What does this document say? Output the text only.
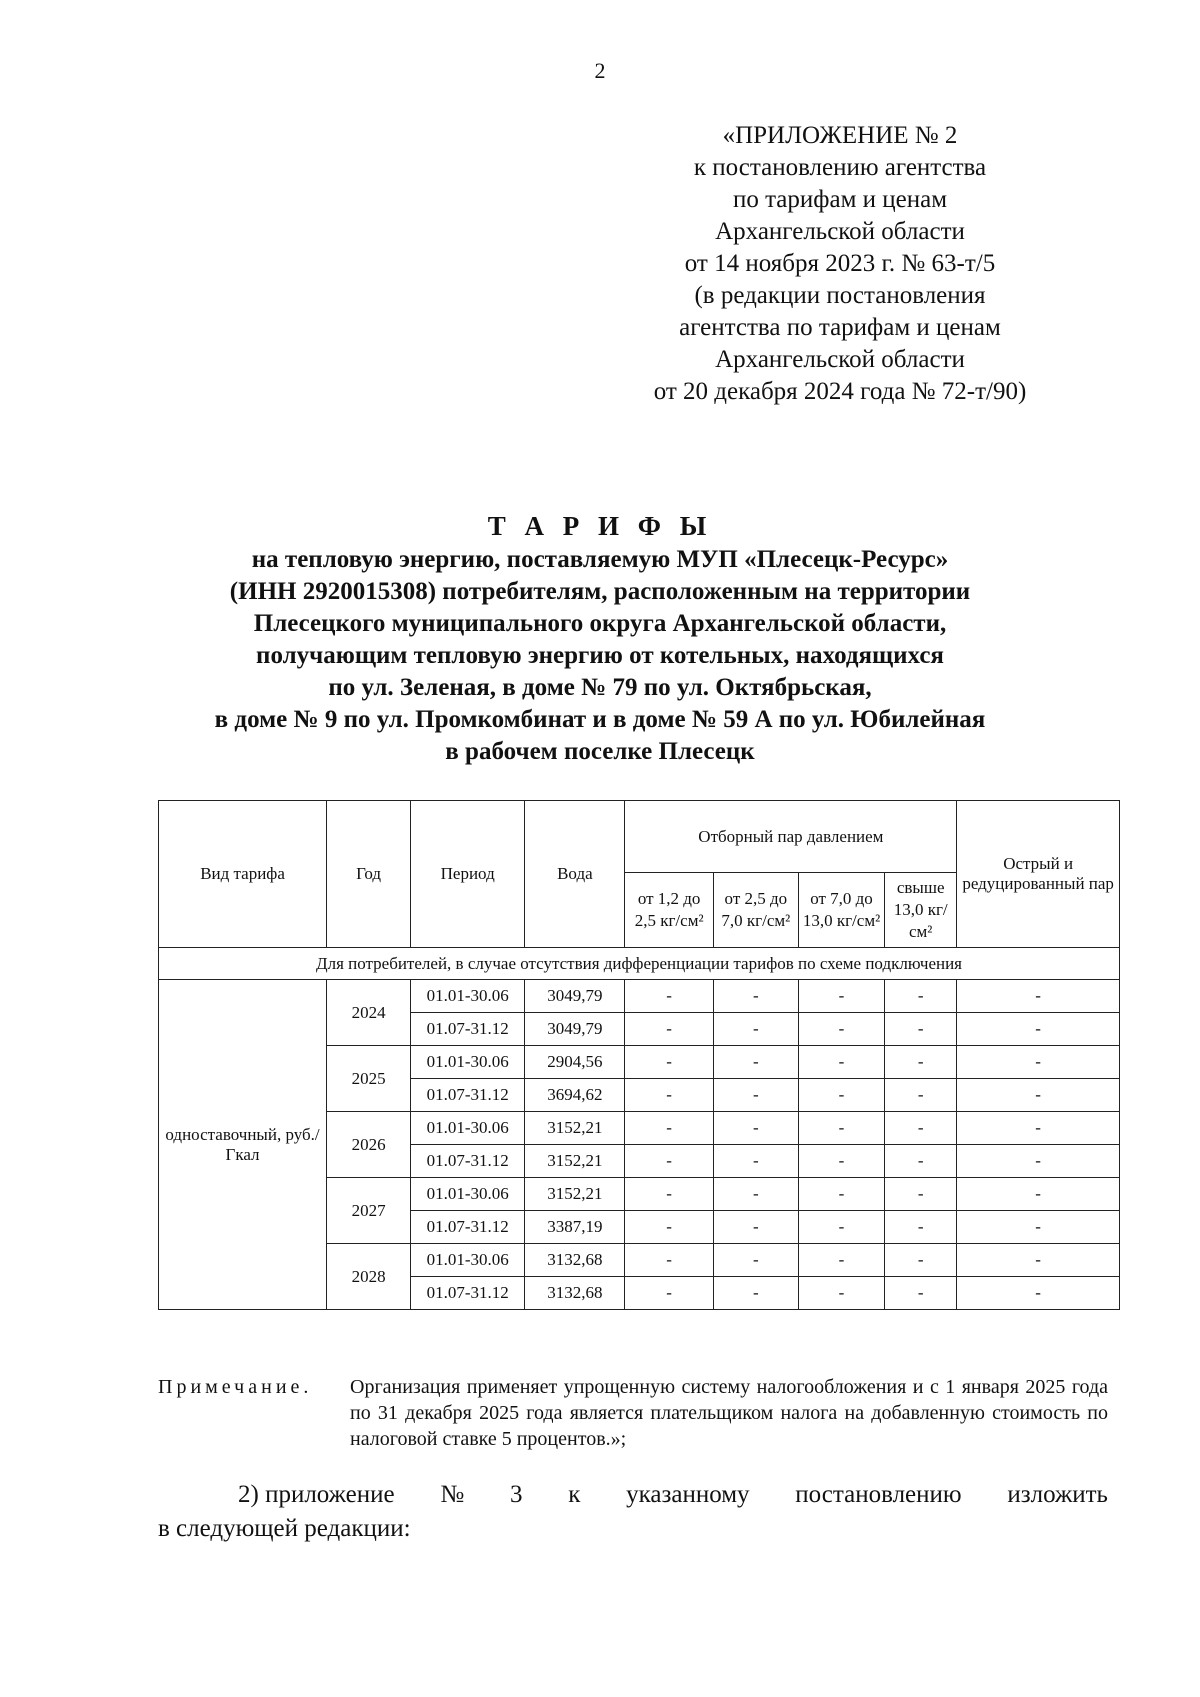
2
«ПРИЛОЖЕНИЕ № 2
к постановлению агентства
по тарифам и ценам
Архангельской области
от 14 ноября 2023 г. № 63-т/5
(в редакции постановления
агентства по тарифам и ценам
Архангельской области
от 20 декабря 2024 года № 72-т/90)
Т А Р И Ф Ы
на тепловую энергию, поставляемую МУП «Плесецк-Ресурс»
(ИНН 2920015308) потребителям, расположенным на территории
Плесецкого муниципального округа Архангельской области,
получающим тепловую энергию от котельных, находящихся
по ул. Зеленая, в доме № 79 по ул. Октябрьская,
в доме № 9 по ул. Промкомбинат и в доме № 59 А по ул. Юбилейная
в рабочем поселке Плесецк
Вид тарифа	Год	Период	Вода	Отборный пар давлением				Острый и редуцированный пар
				от 1,2 до 2,5 кг/см²	от 2,5 до 7,0 кг/см²	от 7,0 до 13,0 кг/см²	свыше 13,0 кг/см²	
Для потребителей, в случае отсутствия дифференциации тарифов по схеме подключения								
одноставочный, руб./Гкал	2024	01.01-30.06	3049,79	-	-	-	-	-
		01.07-31.12	3049,79	-	-	-	-	-
	2025	01.01-30.06	2904,56	-	-	-	-	-
		01.07-31.12	3694,62	-	-	-	-	-
	2026	01.01-30.06	3152,21	-	-	-	-	-
		01.07-31.12	3152,21	-	-	-	-	-
	2027	01.01-30.06	3152,21	-	-	-	-	-
		01.07-31.12	3387,19	-	-	-	-	-
	2028	01.01-30.06	3132,68	-	-	-	-	-
		01.07-31.12	3132,68	-	-	-	-	-
Примечание. Организация применяет упрощенную систему налогообложения и с 1 января 2025 года по 31 декабря 2025 года является плательщиком налога на добавленную стоимость по налоговой ставке 5 процентов.»;
2) приложение № 3 к указанному постановлению изложить
в следующей редакции:
